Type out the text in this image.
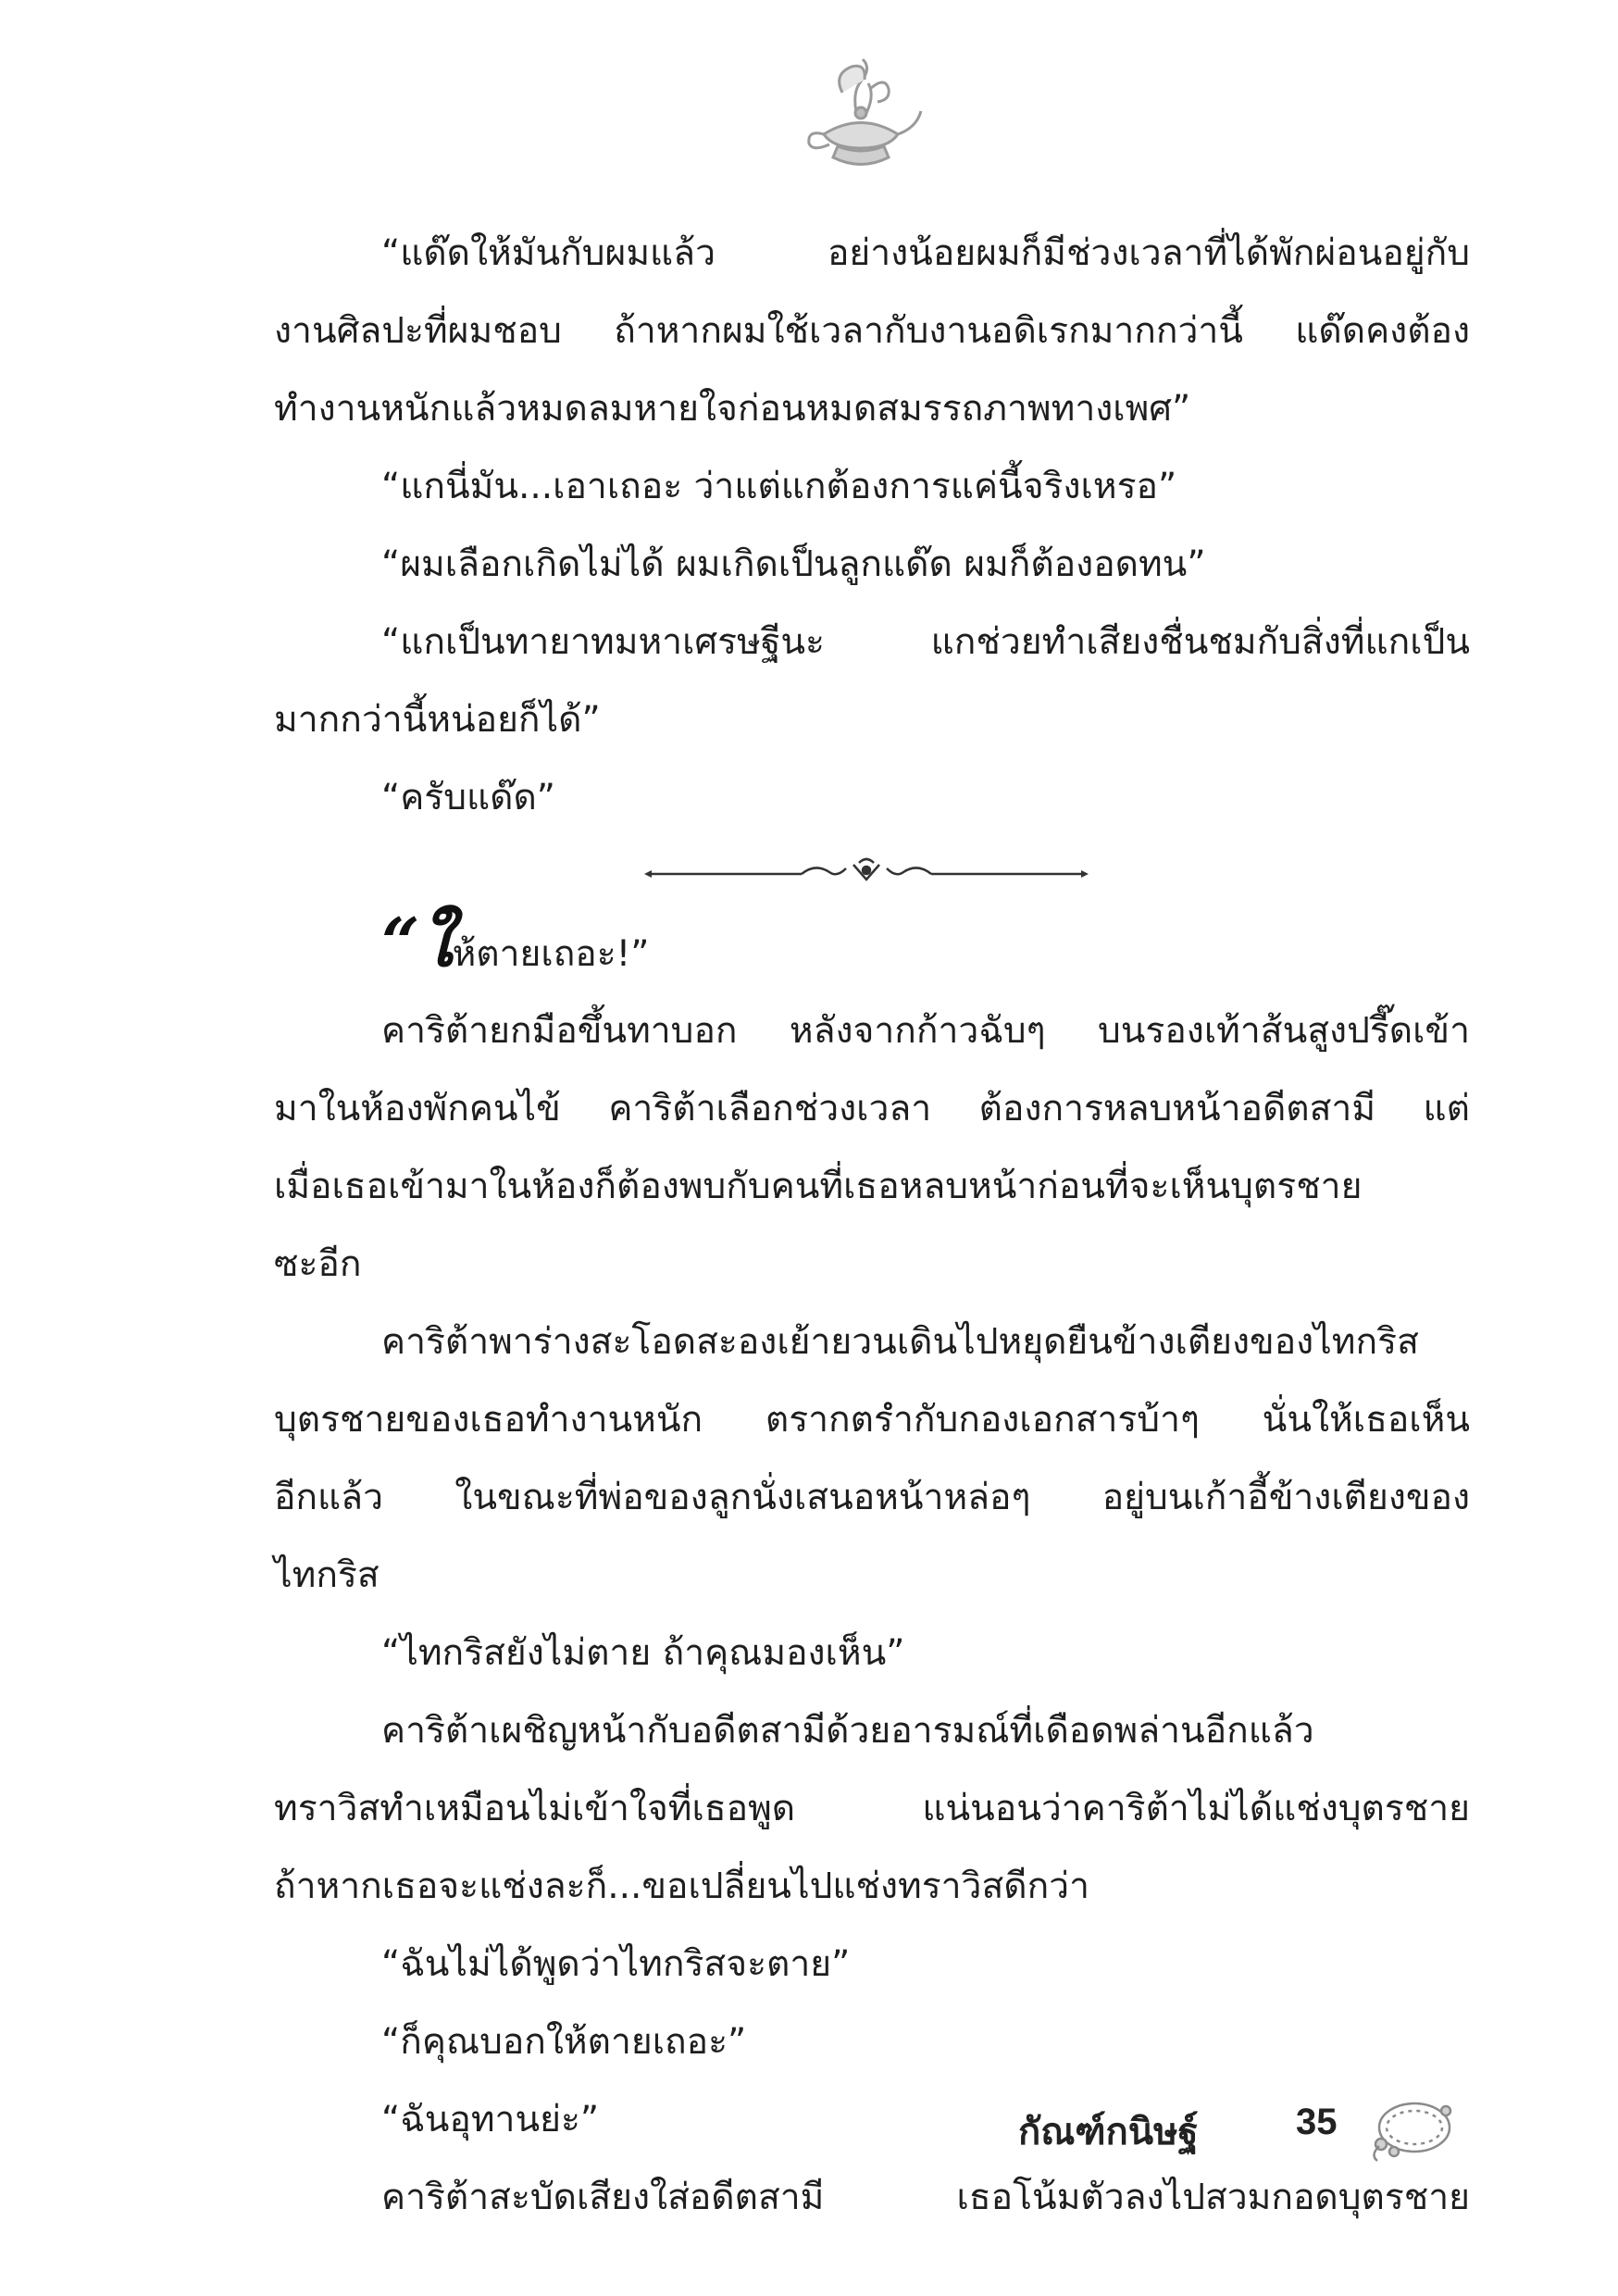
“แด๊ดให้มันกับผมแล้ว อย่างน้อยผมก็มีช่วงเวลาที่ได้พักผ่อนอยู่กับ
งานศิลปะที่ผมชอบ ถ้าหากผมใช้เวลากับงานอดิเรกมากกว่านี้ แด๊ดคงต้อง
ทำงานหนักแล้วหมดลมหายใจก่อนหมดสมรรถภาพทางเพศ”
“แกนี่มัน...เอาเถอะ ว่าแต่แกต้องการแค่นี้จริงเหรอ”
“ผมเลือกเกิดไม่ได้ ผมเกิดเป็นลูกแด๊ด ผมก็ต้องอดทน”
“แกเป็นทายาทมหาเศรษฐีนะ แกช่วยทำเสียงชื่นชมกับสิ่งที่แกเป็น
มากกว่านี้หน่อยก็ได้”
“ครับแด๊ด”
“ให้ตายเถอะ!”
คาริต้ายกมือขึ้นทาบอก หลังจากก้าวฉับๆ บนรองเท้าส้นสูงปรี๊ดเข้า
มาในห้องพักคนไข้ คาริต้าเลือกช่วงเวลา ต้องการหลบหน้าอดีตสามี แต่
เมื่อเธอเข้ามาในห้องก็ต้องพบกับคนที่เธอหลบหน้าก่อนที่จะเห็นบุตรชาย
ซะอีก
คาริต้าพาร่างสะโอดสะองเย้ายวนเดินไปหยุดยืนข้างเตียงของไทกริส
บุตรชายของเธอทำงานหนัก ตรากตรำกับกองเอกสารบ้าๆ นั่นให้เธอเห็น
อีกแล้ว ในขณะที่พ่อของลูกนั่งเสนอหน้าหล่อๆ อยู่บนเก้าอี้ข้างเตียงของ
ไทกริส
“ไทกริสยังไม่ตาย ถ้าคุณมองเห็น”
คาริต้าเผชิญหน้ากับอดีตสามีด้วยอารมณ์ที่เดือดพล่านอีกแล้ว
ทราวิสทำเหมือนไม่เข้าใจที่เธอพูด แน่นอนว่าคาริต้าไม่ได้แช่งบุตรชาย
ถ้าหากเธอจะแช่งละก็...ขอเปลี่ยนไปแช่งทราวิสดีกว่า
“ฉันไม่ได้พูดว่าไทกริสจะตาย”
“ก็คุณบอกให้ตายเถอะ”
“ฉันอุทานย่ะ”
คาริต้าสะบัดเสียงใส่อดีตสามี เธอโน้มตัวลงไปสวมกอดบุตรชาย
กัณฑ์กนิษฐ์	35
